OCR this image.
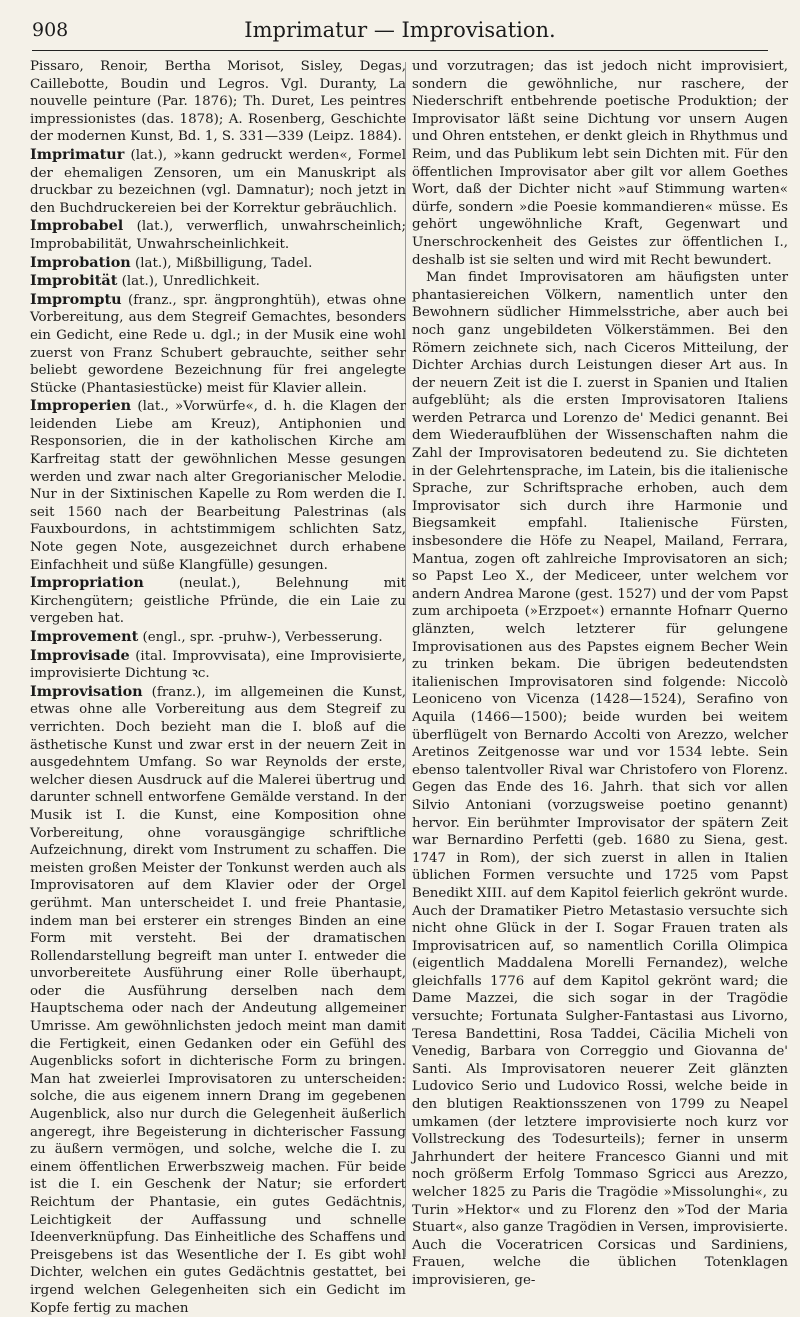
908	Imprimatur — Improvisation.

Pissaro, Renoir, Bertha Morisot, Sisley, Degas, Caillebotte, Boudin und Legros. Vgl. Duranty, La nouvelle peinture (Par. 1876); Th. Duret, Les peintres impressionistes (das. 1878); A. Rosenberg, Geschichte der modernen Kunst, Bd. 1, S. 331—339 (Leipz. 1884).

Imprimatur (lat.), »kann gedruckt werden«, Formel der ehemaligen Zensoren, um ein Manuskript als druckbar zu bezeichnen (vgl. Damnatur); noch jetzt in den Buchdruckereien bei der Korrektur gebräuchlich.

Improbabel (lat.), verwerflich, unwahrscheinlich; Improbabilität, Unwahrscheinlichkeit.

Improbation (lat.), Mißbilligung, Tadel.

Improbität (lat.), Unredlichkeit.

Impromptu (franz., spr. ängpronghtüh), etwas ohne Vorbereitung, aus dem Stegreif Gemachtes, besonders ein Gedicht, eine Rede u. dgl.; in der Musik eine wohl zuerst von Franz Schubert gebrauchte, seither sehr beliebt gewordene Bezeichnung für frei angelegte Stücke (Phantasiestücke) meist für Klavier allein.

Improperien (lat., »Vorwürfe«, d. h. die Klagen der leidenden Liebe am Kreuz), Antiphonien und Responsorien, die in der katholischen Kirche am Karfreitag statt der gewöhnlichen Messe gesungen werden und zwar nach alter Gregorianischer Melodie. Nur in der Sixtinischen Kapelle zu Rom werden die I. seit 1560 nach der Bearbeitung Palestrinas (als Fauxbourdons, in achtstimmigem schlichten Satz, Note gegen Note, ausgezeichnet durch erhabene Einfachheit und süße Klangfülle) gesungen.

Impropriation (neulat.), Belehnung mit Kirchengütern; geistliche Pfründe, die ein Laie zu vergeben hat.

Improvement (engl., spr. -pruhw-), Verbesserung.

Improvisade (ital. Improvvisata), eine Improvisierte, improvisierte Dichtung ꝛc.

Improvisation (franz.), im allgemeinen die Kunst, etwas ohne alle Vorbereitung aus dem Stegreif zu verrichten. Doch bezieht man die I. bloß auf die ästhetische Kunst und zwar erst in der neuern Zeit in ausgedehntem Umfang. So war Reynolds der erste, welcher diesen Ausdruck auf die Malerei übertrug und darunter schnell entworfene Gemälde verstand. In der Musik ist I. die Kunst, eine Komposition ohne Vorbereitung, ohne vorausgängige schriftliche Aufzeichnung, direkt vom Instrument zu schaffen. Die meisten großen Meister der Tonkunst werden auch als Improvisatoren auf dem Klavier oder der Orgel gerühmt. Man unterscheidet I. und freie Phantasie, indem man bei ersterer ein strenges Binden an eine Form mit versteht. Bei der dramatischen Rollendarstellung begreift man unter I. entweder die unvorbereitete Ausführung einer Rolle überhaupt, oder die Ausführung derselben nach dem Hauptschema oder nach der Andeutung allgemeiner Umrisse. Am gewöhnlichsten jedoch meint man damit die Fertigkeit, einen Gedanken oder ein Gefühl des Augenblicks sofort in dichterische Form zu bringen. Man hat zweierlei Improvisatoren zu unterscheiden: solche, die aus eigenem innern Drang im gegebenen Augenblick, also nur durch die Gelegenheit äußerlich angeregt, ihre Begeisterung in dichterischer Fassung zu äußern vermögen, und solche, welche die I. zu einem öffentlichen Erwerbszweig machen. Für beide ist die I. ein Geschenk der Natur; sie erfordert Reichtum der Phantasie, ein gutes Gedächtnis, Leichtigkeit der Auffassung und schnelle Ideenverknüpfung. Das Einheitliche des Schaffens und Preisgebens ist das Wesentliche der I. Es gibt wohl Dichter, welchen ein gutes Gedächtnis gestattet, bei irgend welchen Gelegenheiten sich ein Gedicht im Kopfe fertig zu machen

und vorzutragen; das ist jedoch nicht improvisiert, sondern die gewöhnliche, nur raschere, der Niederschrift entbehrende poetische Produktion; der Improvisator läßt seine Dichtung vor unsern Augen und Ohren entstehen, er denkt gleich in Rhythmus und Reim, und das Publikum lebt sein Dichten mit. Für den öffentlichen Improvisator aber gilt vor allem Goethes Wort, daß der Dichter nicht »auf Stimmung warten« dürfe, sondern »die Poesie kommandieren« müsse. Es gehört ungewöhnliche Kraft, Gegenwart und Unerschrockenheit des Geistes zur öffentlichen I., deshalb ist sie selten und wird mit Recht bewundert.

Man findet Improvisatoren am häufigsten unter phantasiereichen Völkern, namentlich unter den Bewohnern südlicher Himmelsstriche, aber auch bei noch ganz ungebildeten Völkerstämmen. Bei den Römern zeichnete sich, nach Ciceros Mitteilung, der Dichter Archias durch Leistungen dieser Art aus. In der neuern Zeit ist die I. zuerst in Spanien und Italien aufgeblüht; als die ersten Improvisatoren Italiens werden Petrarca und Lorenzo de' Medici genannt. Bei dem Wiederaufblühen der Wissenschaften nahm die Zahl der Improvisatoren bedeutend zu. Sie dichteten in der Gelehrtensprache, im Latein, bis die italienische Sprache, zur Schriftsprache erhoben, auch dem Improvisator sich durch ihre Harmonie und Biegsamkeit empfahl. Italienische Fürsten, insbesondere die Höfe zu Neapel, Mailand, Ferrara, Mantua, zogen oft zahlreiche Improvisatoren an sich; so Papst Leo X., der Mediceer, unter welchem vor andern Andrea Marone (gest. 1527) und der vom Papst zum archipoeta (»Erzpoet«) ernannte Hofnarr Querno glänzten, welch letzterer für gelungene Improvisationen aus des Papstes eignem Becher Wein zu trinken bekam. Die übrigen bedeutendsten italienischen Improvisatoren sind folgende: Niccolò Leoniceno von Vicenza (1428—1524), Serafino von Aquila (1466—1500); beide wurden bei weitem überflügelt von Bernardo Accolti von Arezzo, welcher Aretinos Zeitgenosse war und vor 1534 lebte. Sein ebenso talentvoller Rival war Christofero von Florenz. Gegen das Ende des 16. Jahrh. that sich vor allen Silvio Antoniani (vorzugsweise poetino genannt) hervor. Ein berühmter Improvisator der spätern Zeit war Bernardino Perfetti (geb. 1680 zu Siena, gest. 1747 in Rom), der sich zuerst in allen in Italien üblichen Formen versuchte und 1725 vom Papst Benedikt XIII. auf dem Kapitol feierlich gekrönt wurde. Auch der Dramatiker Pietro Metastasio versuchte sich nicht ohne Glück in der I. Sogar Frauen traten als Improvisatricen auf, so namentlich Corilla Olimpica (eigentlich Maddalena Morelli Fernandez), welche gleichfalls 1776 auf dem Kapitol gekrönt ward; die Dame Mazzei, die sich sogar in der Tragödie versuchte; Fortunata Sulgher-Fantastasi aus Livorno, Teresa Bandettini, Rosa Taddei, Cäcilia Micheli von Venedig, Barbara von Correggio und Giovanna de' Santi. Als Improvisatoren neuerer Zeit glänzten Ludovico Serio und Ludovico Rossi, welche beide in den blutigen Reaktionsszenen von 1799 zu Neapel umkamen (der letztere improvisierte noch kurz vor Vollstreckung des Todesurteils); ferner in unserm Jahrhundert der heitere Francesco Gianni und mit noch größerm Erfolg Tommaso Sgricci aus Arezzo, welcher 1825 zu Paris die Tragödie »Missolunghi«, zu Turin »Hektor« und zu Florenz den »Tod der Maria Stuart«, also ganze Tragödien in Versen, improvisierte. Auch die Voceratricen Corsicas und Sardiniens, Frauen, welche die üblichen Totenklagen improvisieren, ge-
